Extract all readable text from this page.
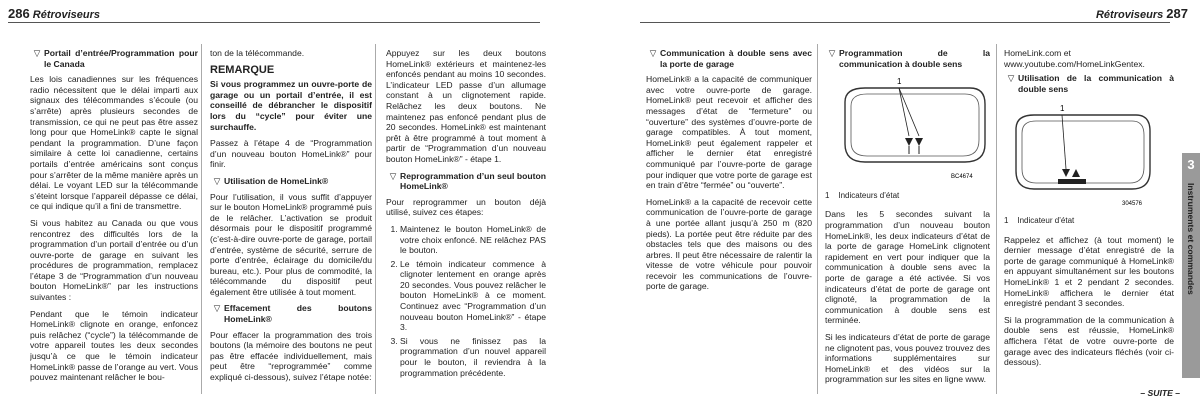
286 Rétroviseurs	Rétroviseurs 287
▽ Portail d’entrée/Programmation pour le Canada

Les lois canadiennes sur les fréquences radio nécessitent que le délai imparti aux signaux des télécommandes s’écoule (ou s’arrête) après plusieurs secondes de transmission, ce qui ne peut pas être assez long pour que HomeLink® capte le signal pendant la programmation. D’une façon similaire à cette loi canadienne, certains portails d’entrée américains sont conçus pour s’arrêter de la même manière après un délai. Le voyant LED sur la télécommande s’éteint lorsque l’appareil dépasse ce délai, ce qui indique qu’il a fini de transmettre.

Si vous habitez au Canada ou que vous rencontrez des difficultés lors de la programmation d’un portail d’entrée ou d’un ouvre-porte de garage en suivant les procédures de programmation, remplacez l’étape 3 de “Programmation d’un nouveau bouton HomeLink®” par les instructions suivantes :

Pendant que le témoin indicateur HomeLink® clignote en orange, enfoncez puis relâchez (“cycle”) la télécommande de votre appareil toutes les deux secondes jusqu’à ce que le témoin indicateur HomeLink® passe de l’orange au vert. Vous pouvez maintenant relâcher le bou-

ton de la télécommande.

REMARQUE

Si vous programmez un ouvre-porte de garage ou un portail d’entrée, il est conseillé de débrancher le dispositif lors du “cycle” pour éviter une surchauffe.

Passez à l’étape 4 de “Programmation d’un nouveau bouton HomeLink®” pour finir.

▽ Utilisation de HomeLink®

Pour l’utilisation, il vous suffit d’appuyer sur le bouton HomeLink® programmé puis de le relâcher. L’activation se produit désormais pour le dispositif programmé (c’est-à-dire ouvre-porte de garage, portail d’entrée, système de sécurité, serrure de porte d’entrée, éclairage du domicile/du bureau, etc.). Pour plus de commodité, la télécommande du dispositif peut également être utilisée à tout moment.

▽ Effacement des boutons HomeLink®

Pour effacer la programmation des trois boutons (la mémoire des boutons ne peut pas être effacée individuellement, mais peut être “reprogrammée” comme expliqué ci-dessous), suivez l’étape notée:

Appuyez sur les deux boutons HomeLink® extérieurs et maintenez-les enfoncés pendant au moins 10 secondes. L’indicateur LED passe d’un allumage constant à un clignotement rapide. Relâchez les deux boutons. Ne maintenez pas enfoncé pendant plus de 20 secondes. HomeLink® est maintenant prêt à être programmé à tout moment à partir de “Programmation d’un nouveau bouton HomeLink®” - étape 1.

▽ Reprogrammation d’un seul bouton HomeLink®

Pour reprogrammer un bouton déjà utilisé, suivez ces étapes:

1. Maintenez le bouton HomeLink® de votre choix enfoncé. NE relâchez PAS le bouton.
2. Le témoin indicateur commence à clignoter lentement en orange après 20 secondes. Vous pouvez relâcher le bouton HomeLink® à ce moment. Continuez avec “Programmation d’un nouveau bouton HomeLink®” - étape 3.
3. Si vous ne finissez pas la programmation d’un nouvel appareil pour le bouton, il reviendra à la programmation précédente.
▽ Communication à double sens avec la porte de garage

HomeLink® a la capacité de communiquer avec votre ouvre-porte de garage. HomeLink® peut recevoir et afficher des messages d’état de “fermeture” ou “ouverture” des systèmes d’ouvre-porte de garage compatibles. À tout moment, HomeLink® peut également rappeler et afficher le dernier état enregistré communiqué par l’ouvre-porte de garage pour indiquer que votre porte de garage est en train d’être “fermée” ou “ouverte”.

HomeLink® a la capacité de recevoir cette communication de l’ouvre-porte de garage à une portée allant jusqu’à 250 m (820 pieds). La portée peut être réduite par des obstacles tels que des maisons ou des arbres. Il peut être nécessaire de ralentir la vitesse de votre véhicule pour pouvoir recevoir les communications de l’ouvre-porte de garage.

▽ Programmation de la communication à double sens
1
BC4674
1 Indicateurs d’état

Dans les 5 secondes suivant la programmation d’un nouveau bouton HomeLink®, les deux indicateurs d’état de la porte de garage HomeLink clignotent rapidement en vert pour indiquer que la communication à double sens avec la porte de garage a été activée. Si vos indicateurs d’état de porte de garage ont clignoté, la programmation de la communication à double sens est terminée.

Si les indicateurs d’état de porte de garage ne clignotent pas, vous pouvez trouvez des informations supplémentaires sur HomeLink® et des vidéos sur la programmation sur les sites en ligne www.

HomeLink.com et
www.youtube.com/HomeLinkGentex.
▽ Utilisation de la communication à double sens
1
304576
1 Indicateur d’état

Rappelez et affichez (à tout moment) le dernier message d’état enregistré de la porte de garage communiqué à HomeLink® en appuyant simultanément sur les boutons HomeLink® 1 et 2 pendant 2 secondes. HomeLink® affichera le dernier état enregistré pendant 3 secondes.

Si la programmation de la communication à double sens est réussie, HomeLink® affichera l’état de votre ouvre-porte de garage avec des indicateurs fléchés (voir ci-dessous).

3
Instruments et commandes
– SUITE –
